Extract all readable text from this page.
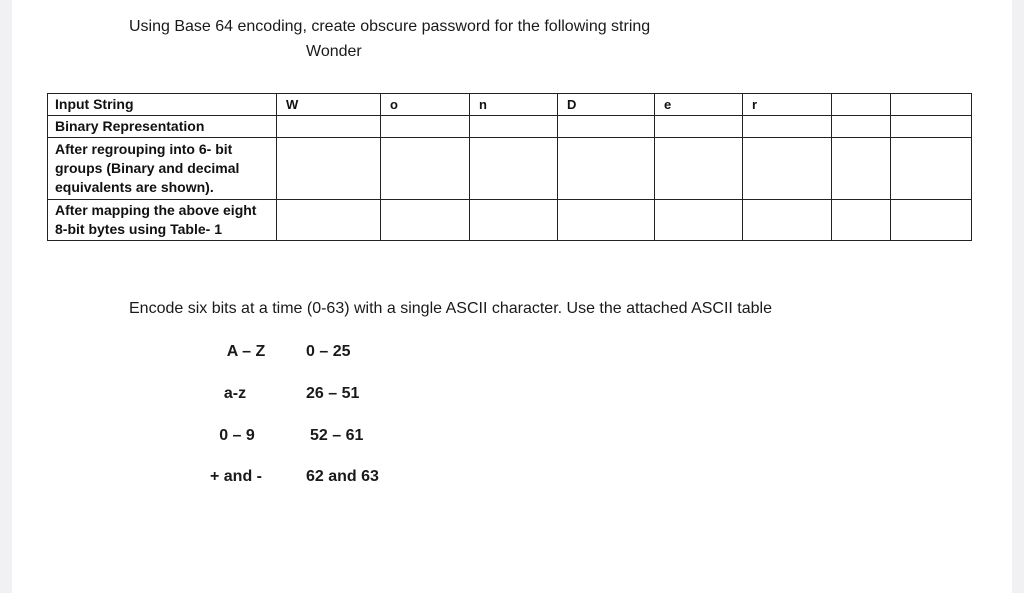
Using Base 64 encoding, create obscure password for the following string
Wonder
Input String	W	o	n	D	e	r		
Binary Representation								
After regrouping into 6- bit groups (Binary and decimal equivalents are shown).								
After mapping the above eight 8-bit bytes using Table- 1								
Encode six bits at a time (0-63) with a single ASCII character. Use the attached ASCII table
A – Z	0 – 25
a-z	26 – 51
0 – 9	52 – 61
+ and -	62 and 63
